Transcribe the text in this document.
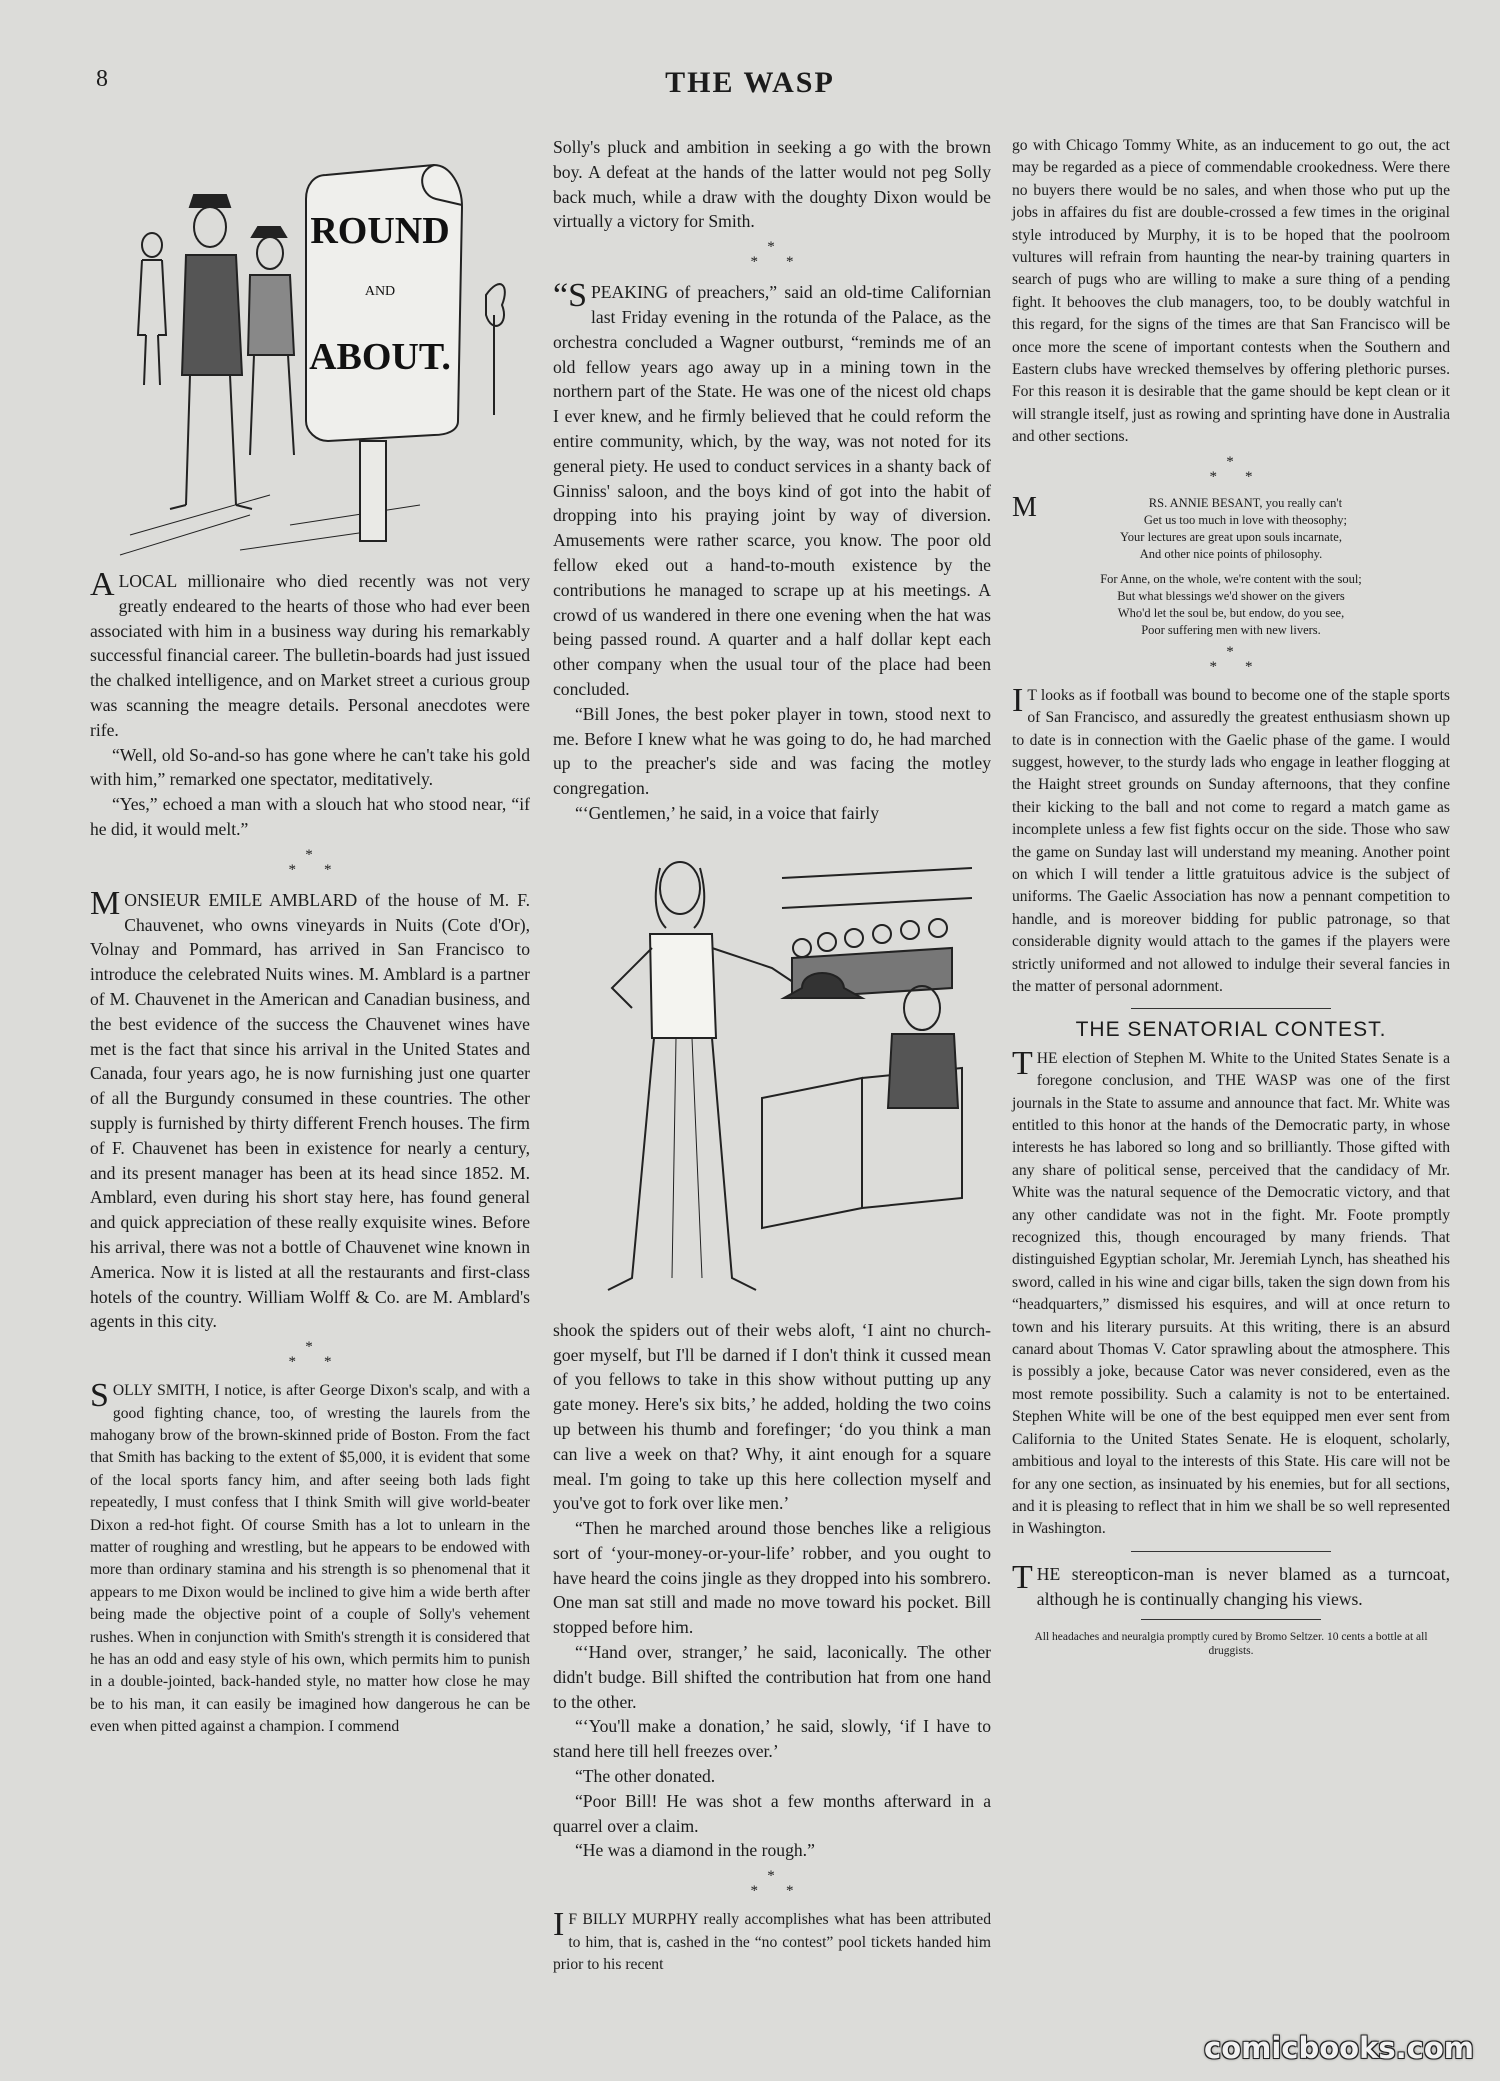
8	THE WASP
ROUND
AND
ABOUT.

ALOCAL millionaire who died recently was not very greatly endeared to the hearts of those who had ever been associated with him in a business way during his remarkably successful financial career. The bulletin-boards had just issued the chalked intelligence, and on Market street a curious group was scanning the meagre details. Personal anecdotes were rife.

“Well, old So-and-so has gone where he can't take his gold with him,” remarked one spectator, meditatively.

“Yes,” echoed a man with a slouch hat who stood near, “if he did, it would melt.”

*
**

MONSIEUR EMILE AMBLARD of the house of M. F. Chauvenet, who owns vineyards in Nuits (Cote d'Or), Volnay and Pommard, has arrived in San Francisco to introduce the celebrated Nuits wines. M. Amblard is a partner of M. Chauvenet in the American and Canadian business, and the best evidence of the success the Chauvenet wines have met is the fact that since his arrival in the United States and Canada, four years ago, he is now furnishing just one quarter of all the Burgundy consumed in these countries. The other supply is furnished by thirty different French houses. The firm of F. Chauvenet has been in existence for nearly a century, and its present manager has been at its head since 1852. M. Amblard, even during his short stay here, has found general and quick appreciation of these really exquisite wines. Before his arrival, there was not a bottle of Chauvenet wine known in America. Now it is listed at all the restaurants and first-class hotels of the country. William Wolff & Co. are M. Amblard's agents in this city.

*
**

SOLLY SMITH, I notice, is after George Dixon's scalp, and with a good fighting chance, too, of wresting the laurels from the mahogany brow of the brown-skinned pride of Boston. From the fact that Smith has backing to the extent of $5,000, it is evident that some of the local sports fancy him, and after seeing both lads fight repeatedly, I must confess that I think Smith will give world-beater Dixon a red-hot fight. Of course Smith has a lot to unlearn in the matter of roughing and wrestling, but he appears to be endowed with more than ordinary stamina and his strength is so phenomenal that it appears to me Dixon would be inclined to give him a wide berth after being made the objective point of a couple of Solly's vehement rushes. When in conjunction with Smith's strength it is considered that he has an odd and easy style of his own, which permits him to punish in a double-jointed, back-handed style, no matter how close he may be to his man, it can easily be imagined how dangerous he can be even when pitted against a champion. I commend

Solly's pluck and ambition in seeking a go with the brown boy. A defeat at the hands of the latter would not peg Solly back much, while a draw with the doughty Dixon would be virtually a victory for Smith.

*
**

“SPEAKING of preachers,” said an old-time Californian last Friday evening in the rotunda of the Palace, as the orchestra concluded a Wagner outburst, “reminds me of an old fellow years ago away up in a mining town in the northern part of the State. He was one of the nicest old chaps I ever knew, and he firmly believed that he could reform the entire community, which, by the way, was not noted for its general piety. He used to conduct services in a shanty back of Ginniss' saloon, and the boys kind of got into the habit of dropping into his praying joint by way of diversion. Amusements were rather scarce, you know. The poor old fellow eked out a hand-to-mouth existence by the contributions he managed to scrape up at his meetings. A crowd of us wandered in there one evening when the hat was being passed round. A quarter and a half dollar kept each other company when the usual tour of the place had been concluded.

“Bill Jones, the best poker player in town, stood next to me. Before I knew what he was going to do, he had marched up to the preacher's side and was facing the motley congregation.

“‘Gentlemen,’ he said, in a voice that fairly

shook the spiders out of their webs aloft, ‘I aint no church-goer myself, but I'll be darned if I don't think it cussed mean of you fellows to take in this show without putting up any gate money. Here's six bits,’ he added, holding the two coins up between his thumb and forefinger; ‘do you think a man can live a week on that? Why, it aint enough for a square meal. I'm going to take up this here collection myself and you've got to fork over like men.’

“Then he marched around those benches like a religious sort of ‘your-money-or-your-life’ robber, and you ought to have heard the coins jingle as they dropped into his sombrero. One man sat still and made no move toward his pocket. Bill stopped before him.

“‘Hand over, stranger,’ he said, laconically. The other didn't budge. Bill shifted the contribution hat from one hand to the other.

“‘You'll make a donation,’ he said, slowly, ‘if I have to stand here till hell freezes over.’

“The other donated.

“Poor Bill! He was shot a few months afterward in a quarrel over a claim.

“He was a diamond in the rough.”

*
**

I F BILLY MURPHY really accomplishes what has been attributed to him, that is, cashed in the “no contest” pool tickets handed him prior to his recent

go with Chicago Tommy White, as an inducement to go out, the act may be regarded as a piece of commendable crookedness. Were there no buyers there would be no sales, and when those who put up the jobs in affaires du fist are double-crossed a few times in the original style introduced by Murphy, it is to be hoped that the poolroom vultures will refrain from haunting the near-by training quarters in search of pugs who are willing to make a sure thing of a pending fight. It behooves the club managers, too, to be doubly watchful in this regard, for the signs of the times are that San Francisco will be once more the scene of important contests when the Southern and Eastern clubs have wrecked themselves by offering plethoric purses. For this reason it is desirable that the game should be kept clean or it will strangle itself, just as rowing and sprinting have done in Australia and other sections.

*
**
M	RS. ANNIE BESANT, you really can't
Get us too much in love with theosophy;
Your lectures are great upon souls incarnate,
And other nice points of philosophy.
For Anne, on the whole, we're content with the soul;
But what blessings we'd shower on the givers
Who'd let the soul be, but endow, do you see,
Poor suffering men with new livers.
*
**

I T looks as if football was bound to become one of the staple sports of San Francisco, and assuredly the greatest enthusiasm shown up to date is in connection with the Gaelic phase of the game. I would suggest, however, to the sturdy lads who engage in leather flogging at the Haight street grounds on Sunday afternoons, that they confine their kicking to the ball and not come to regard a match game as incomplete unless a few fist fights occur on the side. Those who saw the game on Sunday last will understand my meaning. Another point on which I will tender a little gratuitous advice is the subject of uniforms. The Gaelic Association has now a pennant competition to handle, and is moreover bidding for public patronage, so that considerable dignity would attach to the games if the players were strictly uniformed and not allowed to indulge their several fancies in the matter of personal adornment.

THE SENATORIAL CONTEST.

THE election of Stephen M. White to the United States Senate is a foregone conclusion, and THE WASP was one of the first journals in the State to assume and announce that fact. Mr. White was entitled to this honor at the hands of the Democratic party, in whose interests he has labored so long and so brilliantly. Those gifted with any share of political sense, perceived that the candidacy of Mr. White was the natural sequence of the Democratic victory, and that any other candidate was not in the fight. Mr. Foote promptly recognized this, though encouraged by many friends. That distinguished Egyptian scholar, Mr. Jeremiah Lynch, has sheathed his sword, called in his wine and cigar bills, taken the sign down from his “headquarters,” dismissed his esquires, and will at once return to town and his literary pursuits. At this writing, there is an absurd canard about Thomas V. Cator sprawling about the atmosphere. This is possibly a joke, because Cator was never considered, even as the most remote possibility. Such a calamity is not to be entertained. Stephen White will be one of the best equipped men ever sent from California to the United States Senate. He is eloquent, scholarly, ambitious and loyal to the interests of this State. His care will not be for any one section, as insinuated by his enemies, but for all sections, and it is pleasing to reflect that in him we shall be so well represented in Washington.

THE stereopticon-man is never blamed as a turncoat, although he is continually changing his views.

All headaches and neuralgia promptly cured by Bromo Seltzer. 10 cents a bottle at all druggists.
comicbooks.com
